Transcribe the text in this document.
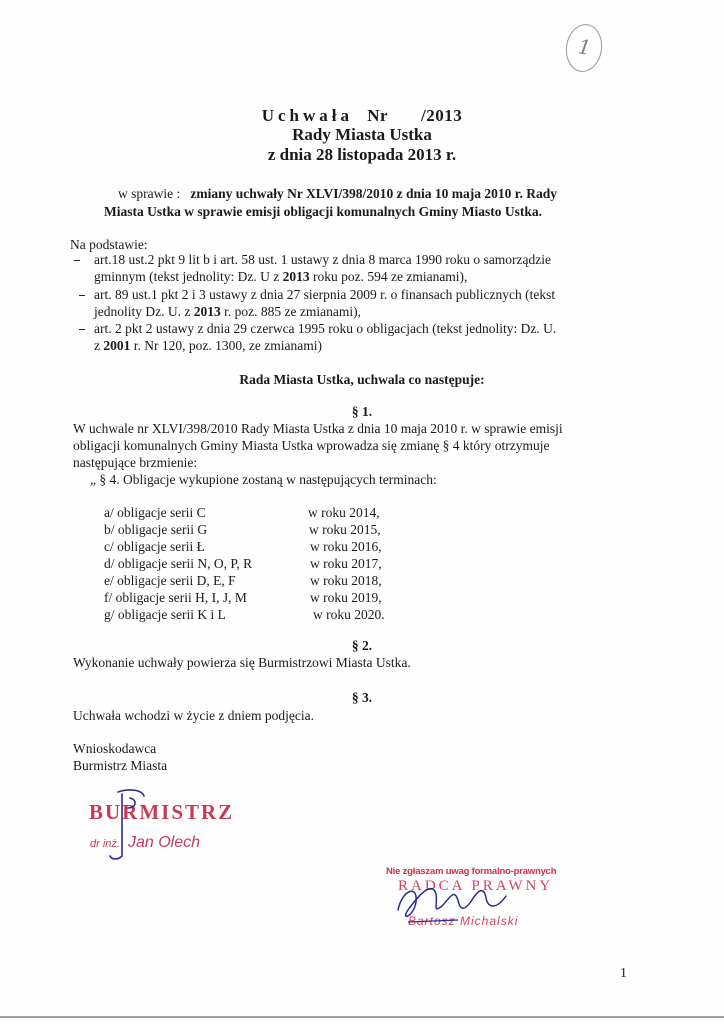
1
Uchwała Nr /2013
Rady Miasta Ustka
z dnia 28 listopada 2013 r.
w sprawie : zmiany uchwały Nr XLVI/398/2010 z dnia 10 maja 2010 r. Rady
Miasta Ustka w sprawie emisji obligacji komunalnych Gminy Miasto Ustka.
Na podstawie:
art.18 ust.2 pkt 9 lit b i art. 58 ust. 1 ustawy z dnia 8 marca 1990 roku o samorządzie
gminnym (tekst jednolity: Dz. U z 2013 roku poz. 594 ze zmianami),
art. 89 ust.1 pkt 2 i 3 ustawy z dnia 27 sierpnia 2009 r. o finansach publicznych (tekst
jednolity Dz. U. z 2013 r. poz. 885 ze zmianami),
art. 2 pkt 2 ustawy z dnia 29 czerwca 1995 roku o obligacjach (tekst jednolity: Dz. U.
z 2001 r. Nr 120, poz. 1300, ze zmianami)
Rada Miasta Ustka, uchwala co następuje:
§ 1.
W uchwale nr XLVI/398/2010 Rady Miasta Ustka z dnia 10 maja 2010 r. w sprawie emisji
obligacji komunalnych Gminy Miasta Ustka wprowadza się zmianę § 4 który otrzymuje
następujące brzmienie:
„ § 4. Obligacje wykupione zostaną w następujących terminach:
a/ obligacje serii C	w roku 2014,
b/ obligacje serii G	w roku 2015,
c/ obligacje serii Ł	w roku 2016,
d/ obligacje serii N, O, P, R	w roku 2017,
e/ obligacje serii D, E, F	w roku 2018,
f/ obligacje serii H, I, J, M	w roku 2019,
g/ obligacje serii K i L	w roku 2020.
§ 2.
Wykonanie uchwały powierza się Burmistrzowi Miasta Ustka.
§ 3.
Uchwała wchodzi w życie z dniem podjęcia.
Wnioskodawca
Burmistrz Miasta
BURMISTRZ
dr inż. Jan Olech
Nie zgłaszam uwag formalno-prawnych
RADCA PRAWNY
Bartosz Michalski
1
